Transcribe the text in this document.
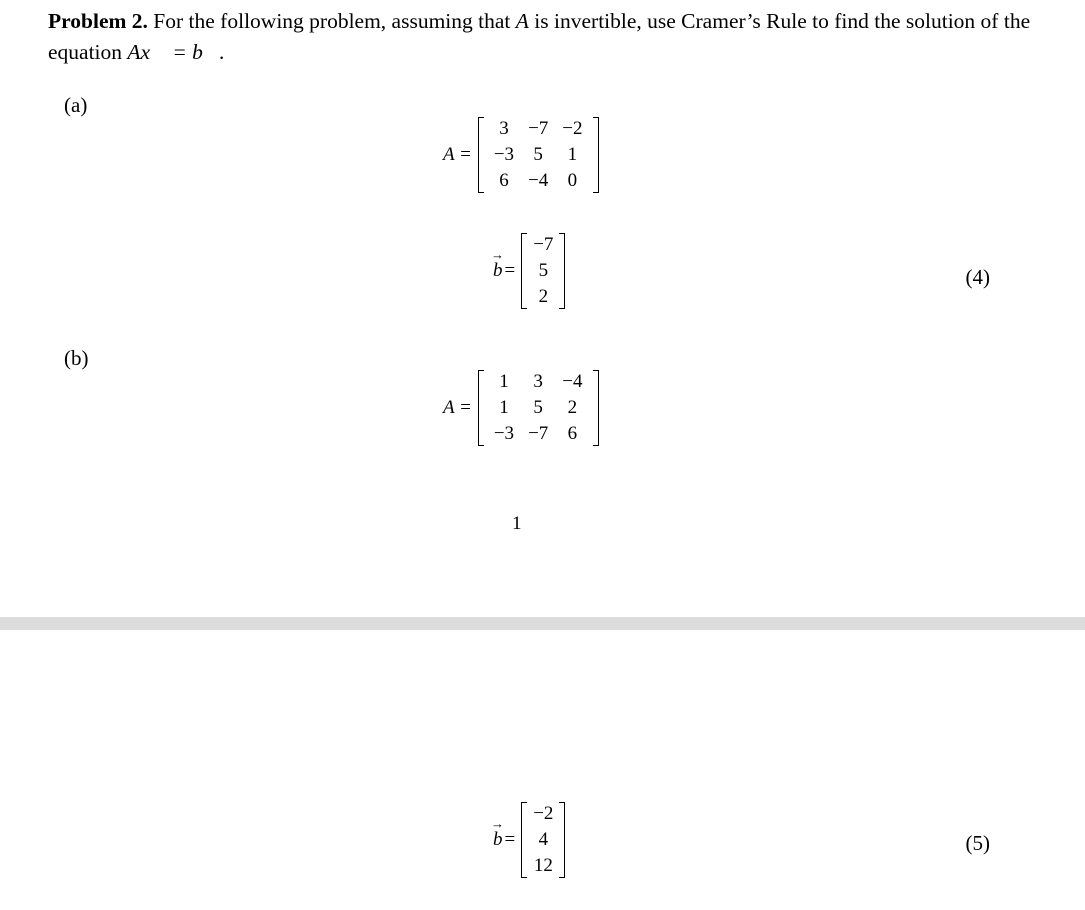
Problem 2. For the following problem, assuming that A is invertible, use Cramer’s Rule to find the solution of the equation Ax⃗ = b⃗.
(a)
A =
3	−7	−2
−3	5	1
6	−4	0
→ b =
−7
5
2
(4)
(b)
A =
1	3	−4
1	5	2
−3	−7	6
1
→ b =
−2
4
12
(5)
